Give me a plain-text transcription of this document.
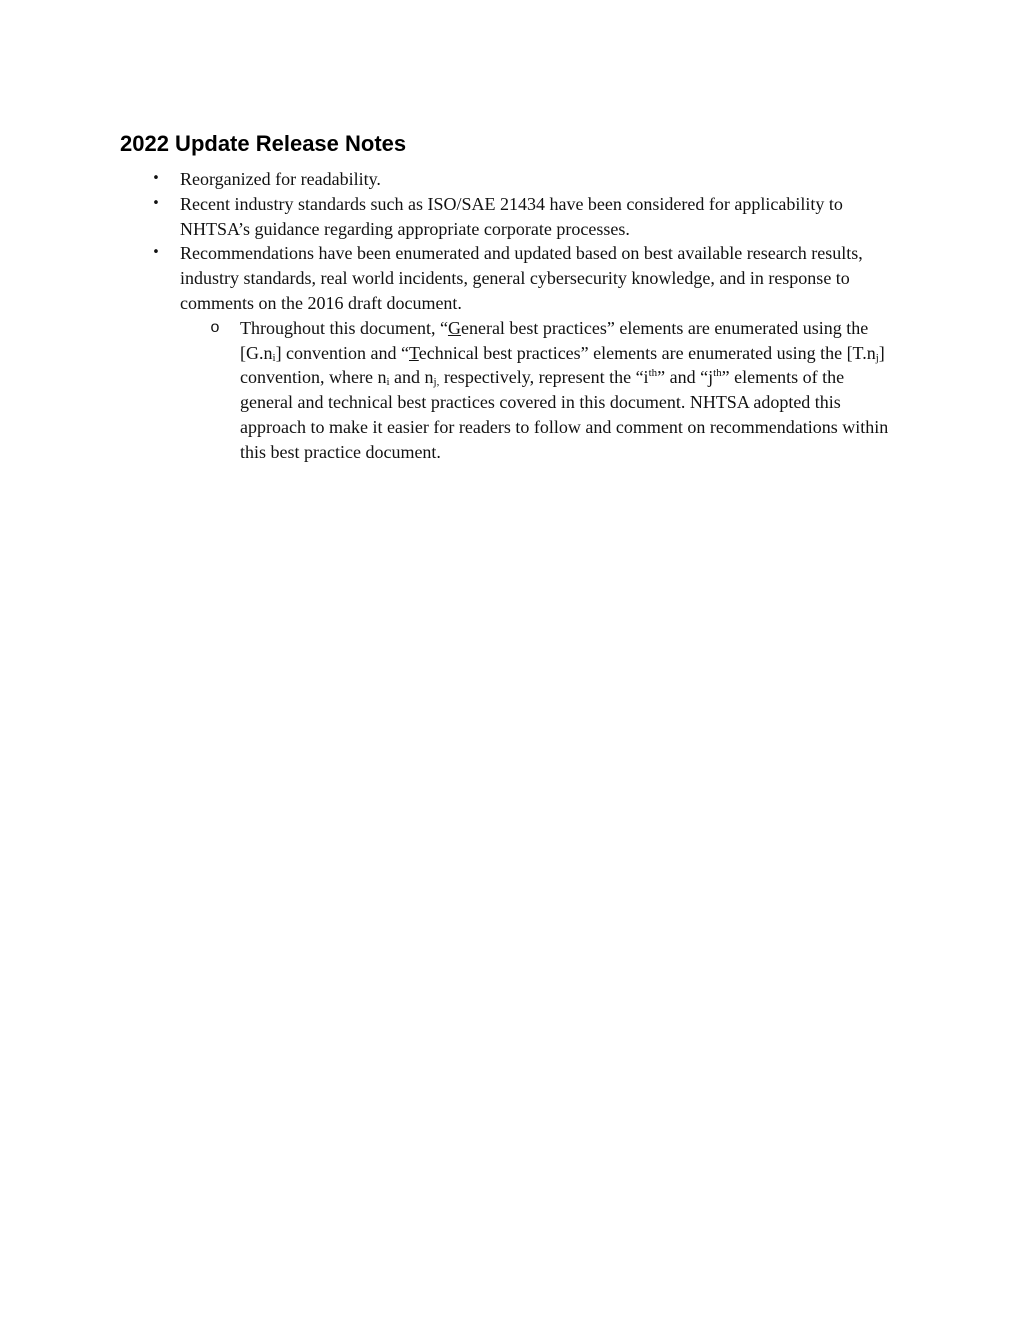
2022 Update Release Notes
• Reorganized for readability.
• Recent industry standards such as ISO/SAE 21434 have been considered for applicability to NHTSA’s guidance regarding appropriate corporate processes.
• Recommendations have been enumerated and updated based on best available research results, industry standards, real world incidents, general cybersecurity knowledge, and in response to comments on the 2016 draft document.
o Throughout this document, “General best practices” elements are enumerated using the $[G.n_i]$ convention and “Technical best practices” elements are enumerated using the $[T.n_j]$ convention, where $n_i$ and $n_{j,}$ respectively, represent the “$i^{th}$” and “$j^{th}$” elements of the general and technical best practices covered in this document. NHTSA adopted this approach to make it easier for readers to follow and comment on recommendations within this best practice document.
